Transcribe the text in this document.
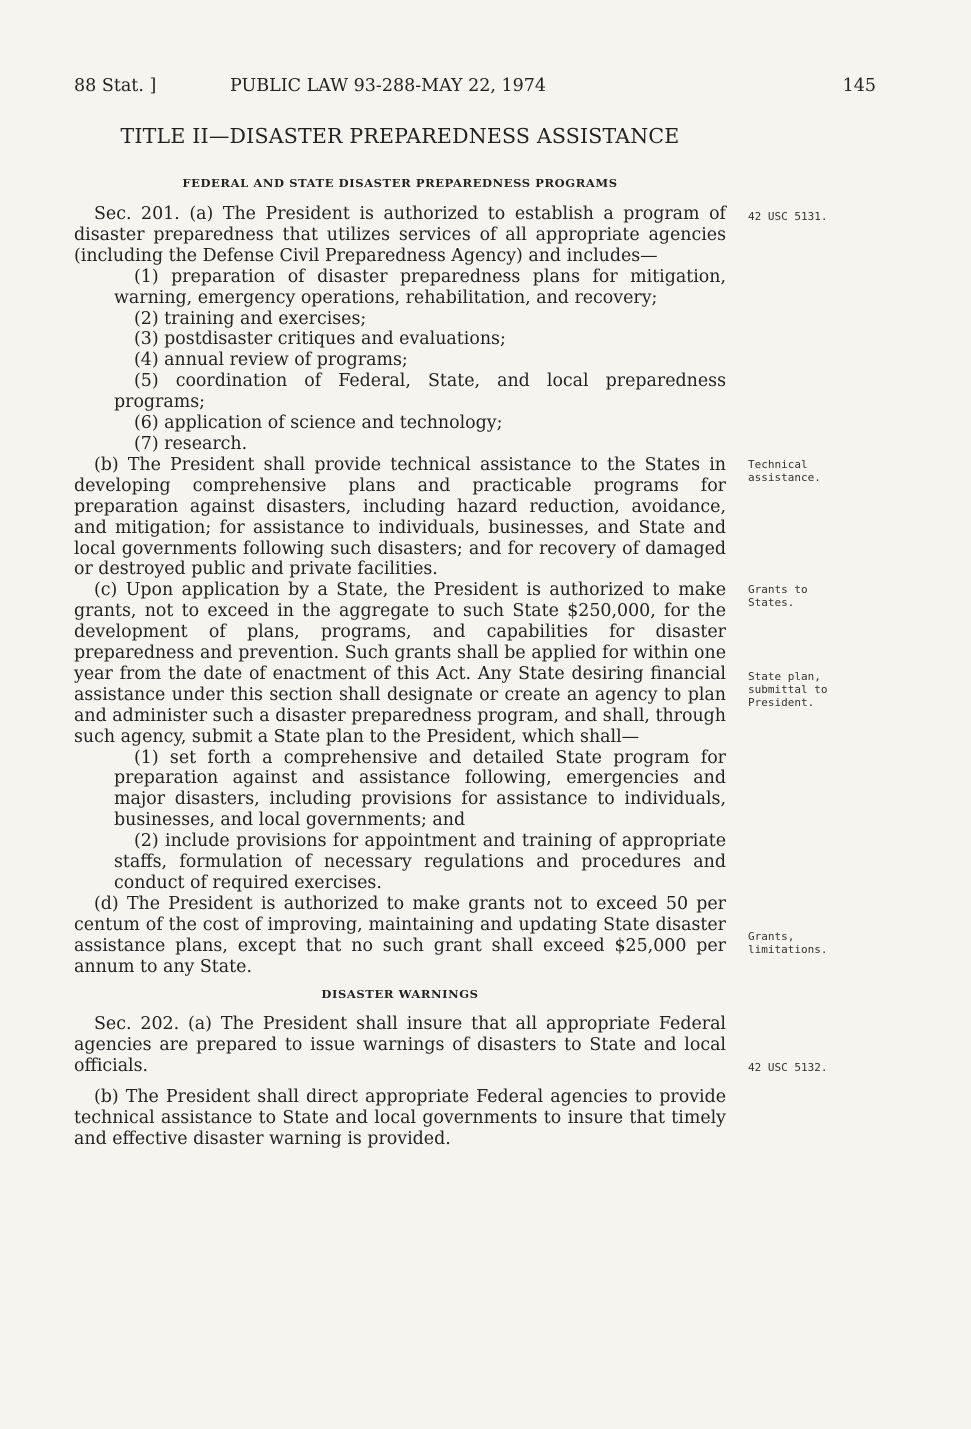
88 Stat. ]	PUBLIC LAW 93-288-MAY 22, 1974	145
TITLE II—DISASTER PREPAREDNESS ASSISTANCE
FEDERAL AND STATE DISASTER PREPAREDNESS PROGRAMS

Sec. 201. (a) The President is authorized to establish a program of disaster preparedness that utilizes services of all appropriate agencies (including the Defense Civil Preparedness Agency) and includes—

(1) preparation of disaster preparedness plans for mitigation, warning, emergency operations, rehabilitation, and recovery;

(2) training and exercises;

(3) postdisaster critiques and evaluations;

(4) annual review of programs;

(5) coordination of Federal, State, and local preparedness programs;

(6) application of science and technology;

(7) research.

(b) The President shall provide technical assistance to the States in developing comprehensive plans and practicable programs for preparation against disasters, including hazard reduction, avoidance, and mitigation; for assistance to individuals, businesses, and State and local governments following such disasters; and for recovery of damaged or destroyed public and private facilities.

(c) Upon application by a State, the President is authorized to make grants, not to exceed in the aggregate to such State $250,000, for the development of plans, programs, and capabilities for disaster preparedness and prevention. Such grants shall be applied for within one year from the date of enactment of this Act. Any State desiring financial assistance under this section shall designate or create an agency to plan and administer such a disaster preparedness program, and shall, through such agency, submit a State plan to the President, which shall—

(1) set forth a comprehensive and detailed State program for preparation against and assistance following, emergencies and major disasters, including provisions for assistance to individuals, businesses, and local governments; and

(2) include provisions for appointment and training of appropriate staffs, formulation of necessary regulations and procedures and conduct of required exercises.

(d) The President is authorized to make grants not to exceed 50 per centum of the cost of improving, maintaining and updating State disaster assistance plans, except that no such grant shall exceed $25,000 per annum to any State.

DISASTER WARNINGS

Sec. 202. (a) The President shall insure that all appropriate Federal agencies are prepared to issue warnings of disasters to State and local officials.

(b) The President shall direct appropriate Federal agencies to provide technical assistance to State and local governments to insure that timely and effective disaster warning is provided.

42 USC 5131.
Technical assistance.
Grants to States.
State plan, submittal to President.
Grants, limitations.
42 USC 5132.
